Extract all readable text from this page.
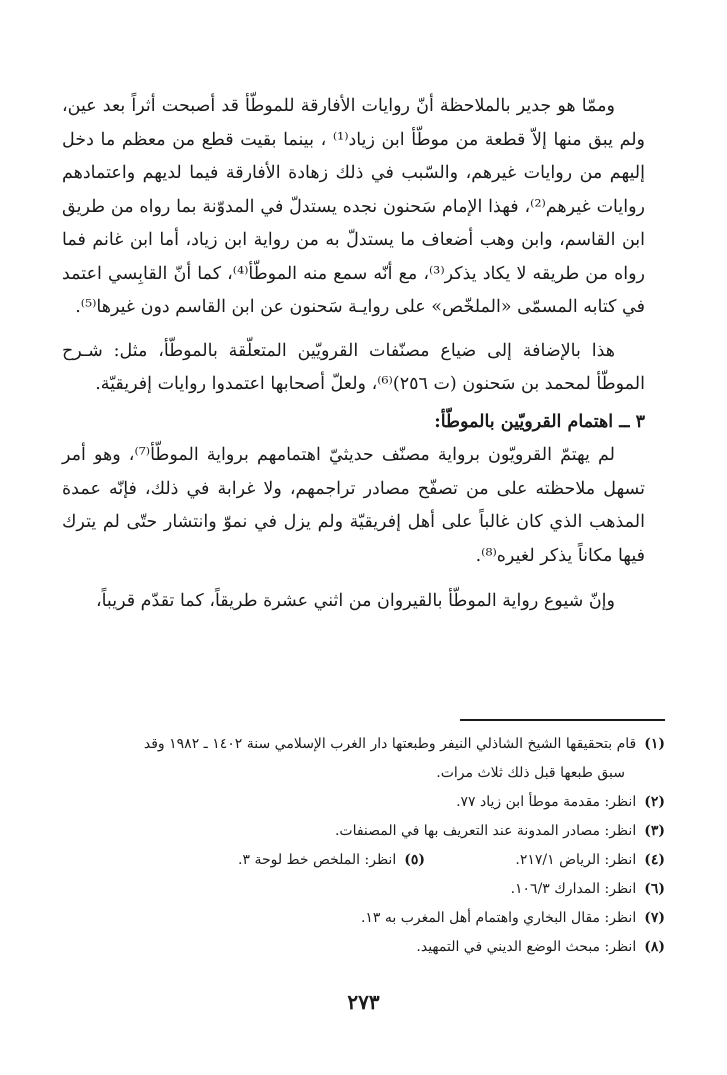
وممّا هو جدير بالملاحظة أنّ روايات الأفارقة للموطّأ قد أصبحت أثراً بعد عين، ولم يبق منها إلاّ قطعة من موطّأ ابن زياد⁽¹⁾ ، بينما بقيت قطع من معظم ما دخل إليهم من روايات غيرهم، والسّبب في ذلك زهادة الأفارقة فيما لديهم واعتمادهم روايات غيرهم⁽²⁾، فهذا الإمام سَحنون نجده يستدلّ في المدوّنة بما رواه من طريق ابن القاسم، وابن وهب أضعاف ما يستدلّ به من رواية ابن زياد، أما ابن غانم فما رواه من طريقه لا يكاد يذكر⁽³⁾، مع أنّه سمع منه الموطّأ⁽⁴⁾، كما أنّ القابِسي اعتمد في كتابه المسمّى «الملخّص» على روايـة سَحنون عن ابن القاسم دون غيرها⁽⁵⁾.

هذا بالإضافة إلى ضياع مصنّفات القرويّين المتعلّقة بالموطّأ، مثل: شـرح الموطّأ لمحمد بن سَحنون (ت ٢٥٦)⁽⁶⁾، ولعلّ أصحابها اعتمدوا روايات إفريقيّة.

٣ ــ اهتمام القرويّين بالموطّأ:

لم يهتمّ القرويّون برواية مصنّف حديثيّ اهتمامهم برواية الموطّأ⁽⁷⁾، وهو أمر تسهل ملاحظته على من تصفّح مصادر تراجمهم، ولا غرابة في ذلك، فإنّه عمدة المذهب الذي كان غالباً على أهل إفريقيّة ولم يزل في نموّ وانتشار حتّى لم يترك فيها مكاناً يذكر لغيره⁽⁸⁾.

وإنّ شيوع رواية الموطّأ بالقيروان من اثني عشرة طريقاً، كما تقدّم قريباً،

(١)
قام بتحقيقها الشيخ الشاذلي النيفر وطبعتها دار الغرب الإسلامي سنة ١٤٠٢ ـ ١٩٨٢ وقد
سبق طبعها قبل ذلك ثلاث مرات.
(٢)
انظر: مقدمة موطأ ابن زياد ٧٧.
(٣)
انظر: مصادر المدونة عند التعريف بها في المصنفات.
(٤)
انظر: الرياض ٢١٧/١.
(٥)
انظر: الملخص خط لوحة ٣.
(٦)
انظر: المدارك ١٠٦/٣.
(٧)
انظر: مقال البخاري واهتمام أهل المغرب به ١٣.
(٨)
انظر: مبحث الوضع الديني في التمهيد.
٢٧٣
